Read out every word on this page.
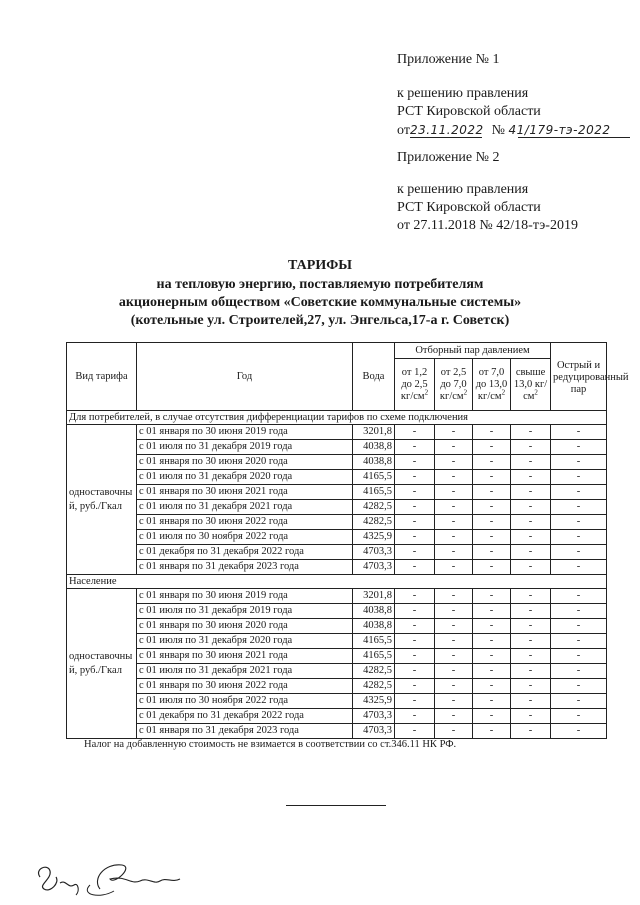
Приложение № 1
к решению правления
РСТ Кировской области
от23.11.2022 № 41/179-тэ-2022
Приложение № 2
к решению правления
РСТ Кировской области
от 27.11.2018 № 42/18-тэ-2019
ТАРИФЫ
на тепловую энергию, поставляемую потребителям
акционерным обществом «Советские коммунальные системы»
(котельные ул. Строителей,27, ул. Энгельса,17-а г. Советск)
Вид тарифа	Год	Вода	Отборный пар давлением				Острый и редуцированный пар
			от 1,2 до 2,5 $кг/см^2$	от 2,5 до 7,0 $кг/см^2$	от 7,0 до 13,0 $кг/см^2$	свыше 13,0 $кг/см^2$
Для потребителей, в случае отсутствия дифференциации тарифов по схеме подключения							
одноставочный, руб./Гкал	с 01 января по 30 июня 2019 года	3201,8	-	-	-	-	-
	с 01 июля по 31 декабря 2019 года	4038,8	-	-	-	-	-
	с 01 января по 30 июня 2020 года	4038,8	-	-	-	-	-
	с 01 июля по 31 декабря 2020 года	4165,5	-	-	-	-	-
	с 01 января по 30 июня 2021 года	4165,5	-	-	-	-	-
	с 01 июля по 31 декабря 2021 года	4282,5	-	-	-	-	-
	с 01 января по 30 июня 2022 года	4282,5	-	-	-	-	-
	с 01 июля по 30 ноября 2022 года	4325,9	-	-	-	-	-
	с 01 декабря по 31 декабря 2022 года	4703,3	-	-	-	-	-
	с 01 января по 31 декабря 2023 года	4703,3	-	-	-	-	-
Население							
одноставочный, руб./Гкал	с 01 января по 30 июня 2019 года	3201,8	-	-	-	-	-
	с 01 июля по 31 декабря 2019 года	4038,8	-	-	-	-	-
	с 01 января по 30 июня 2020 года	4038,8	-	-	-	-	-
	с 01 июля по 31 декабря 2020 года	4165,5	-	-	-	-	-
	с 01 января по 30 июня 2021 года	4165,5	-	-	-	-	-
	с 01 июля по 31 декабря 2021 года	4282,5	-	-	-	-	-
	с 01 января по 30 июня 2022 года	4282,5	-	-	-	-	-
	с 01 июля по 30 ноября 2022 года	4325,9	-	-	-	-	-
	с 01 декабря по 31 декабря 2022 года	4703,3	-	-	-	-	-
	с 01 января по 31 декабря 2023 года	4703,3	-	-	-	-	-
Налог на добавленную стоимость не взимается в соответствии со ст.346.11 НК РФ.
